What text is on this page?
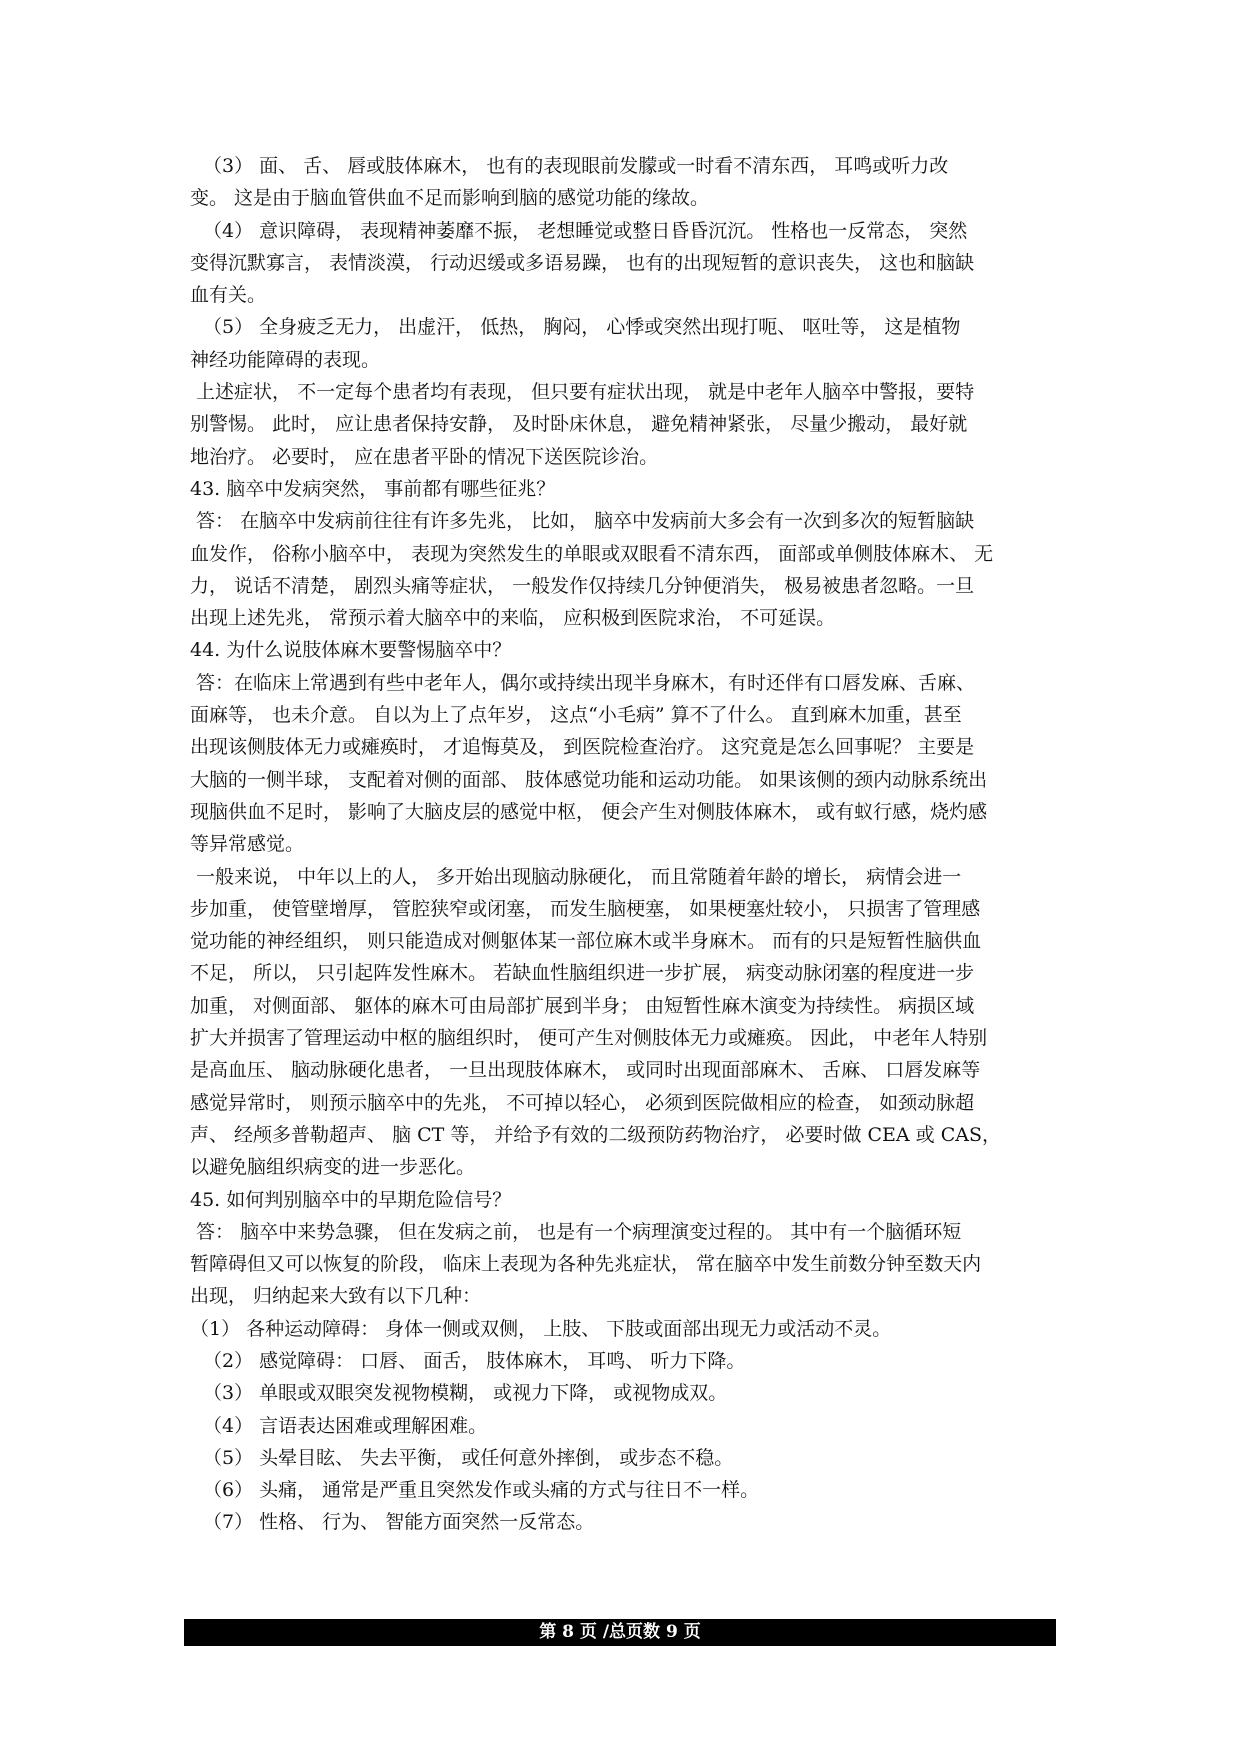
（3） 面、 舌、 唇或肢体麻木， 也有的表现眼前发朦或一时看不清东西， 耳鸣或听力改
变。 这是由于脑血管供血不足而影响到脑的感觉功能的缘故。
（4） 意识障碍， 表现精神萎靡不振， 老想睡觉或整日昏昏沉沉。 性格也一反常态， 突然
变得沉默寡言， 表情淡漠， 行动迟缓或多语易躁， 也有的出现短暂的意识丧失， 这也和脑缺
血有关。
（5） 全身疲乏无力， 出虚汗， 低热， 胸闷， 心悸或突然出现打呃、 呕吐等， 这是植物
神经功能障碍的表现。
上述症状， 不一定每个患者均有表现， 但只要有症状出现， 就是中老年人脑卒中警报，要特
别警惕。 此时， 应让患者保持安静， 及时卧床休息， 避免精神紧张， 尽量少搬动， 最好就
地治疗。 必要时， 应在患者平卧的情况下送医院诊治。
43. 脑卒中发病突然， 事前都有哪些征兆？
答： 在脑卒中发病前往往有许多先兆， 比如， 脑卒中发病前大多会有一次到多次的短暂脑缺
血发作， 俗称小脑卒中， 表现为突然发生的单眼或双眼看不清东西， 面部或单侧肢体麻木、 无
力， 说话不清楚， 剧烈头痛等症状， 一般发作仅持续几分钟便消失， 极易被患者忽略。一旦
出现上述先兆， 常预示着大脑卒中的来临， 应积极到医院求治， 不可延误。
44. 为什么说肢体麻木要警惕脑卒中？
答：在临床上常遇到有些中老年人，偶尔或持续出现半身麻木，有时还伴有口唇发麻、舌麻、
面麻等， 也未介意。 自以为上了点年岁， 这点“小毛病” 算不了什么。 直到麻木加重，甚至
出现该侧肢体无力或瘫痪时， 才追悔莫及， 到医院检查治疗。 这究竟是怎么回事呢？ 主要是
大脑的一侧半球， 支配着对侧的面部、 肢体感觉功能和运动功能。 如果该侧的颈内动脉系统出
现脑供血不足时， 影响了大脑皮层的感觉中枢， 便会产生对侧肢体麻木， 或有蚁行感，烧灼感
等异常感觉。
一般来说， 中年以上的人， 多开始出现脑动脉硬化， 而且常随着年龄的增长， 病情会进一
步加重， 使管壁增厚， 管腔狭窄或闭塞， 而发生脑梗塞， 如果梗塞灶较小， 只损害了管理感
觉功能的神经组织， 则只能造成对侧躯体某一部位麻木或半身麻木。 而有的只是短暂性脑供血
不足， 所以， 只引起阵发性麻木。 若缺血性脑组织进一步扩展， 病变动脉闭塞的程度进一步
加重， 对侧面部、 躯体的麻木可由局部扩展到半身； 由短暂性麻木演变为持续性。 病损区域
扩大并损害了管理运动中枢的脑组织时， 便可产生对侧肢体无力或瘫痪。 因此， 中老年人特别
是高血压、 脑动脉硬化患者， 一旦出现肢体麻木， 或同时出现面部麻木、 舌麻、 口唇发麻等
感觉异常时， 则预示脑卒中的先兆， 不可掉以轻心， 必须到医院做相应的检查， 如颈动脉超
声、 经颅多普勒超声、 脑 CT 等， 并给予有效的二级预防药物治疗， 必要时做 CEA 或 CAS，
以避免脑组织病变的进一步恶化。
45. 如何判别脑卒中的早期危险信号？
答： 脑卒中来势急骤， 但在发病之前， 也是有一个病理演变过程的。 其中有一个脑循环短
暂障碍但又可以恢复的阶段， 临床上表现为各种先兆症状， 常在脑卒中发生前数分钟至数天内
出现， 归纳起来大致有以下几种：
（1） 各种运动障碍： 身体一侧或双侧， 上肢、 下肢或面部出现无力或活动不灵。
（2） 感觉障碍： 口唇、 面舌， 肢体麻木， 耳鸣、 听力下降。
（3） 单眼或双眼突发视物模糊， 或视力下降， 或视物成双。
（4） 言语表达困难或理解困难。
（5） 头晕目眩、 失去平衡， 或任何意外摔倒， 或步态不稳。
（6） 头痛， 通常是严重且突然发作或头痛的方式与往日不一样。
（7） 性格、 行为、 智能方面突然一反常态。
第 8 页 /总页数 9 页
